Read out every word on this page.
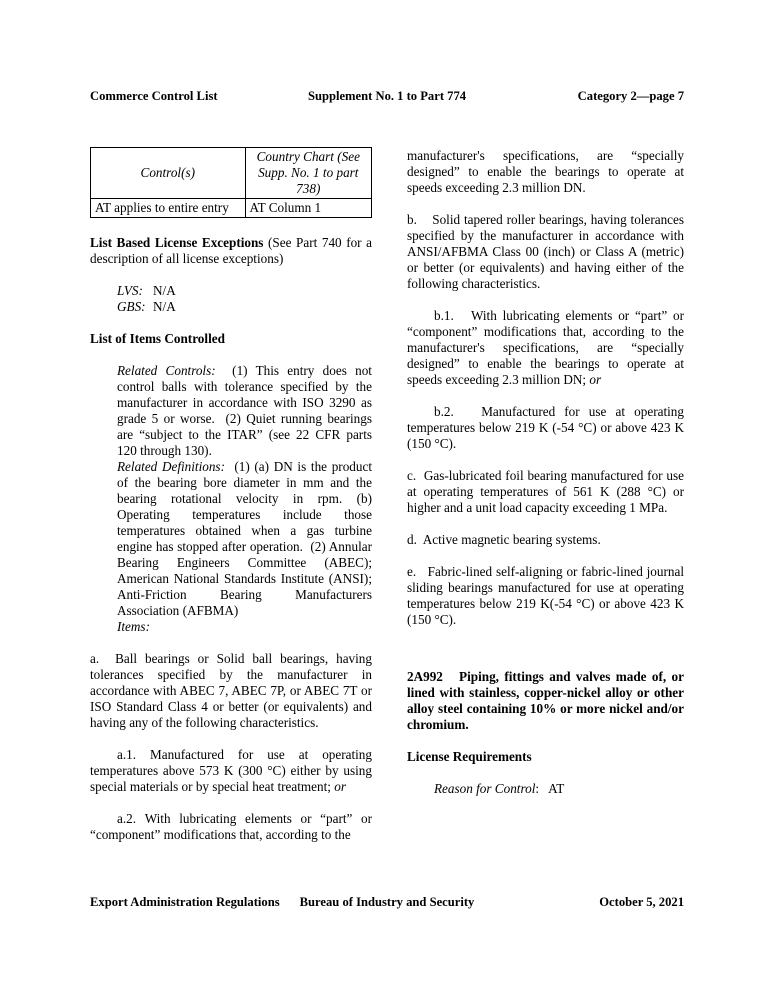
Commerce Control List	Supplement No. 1 to Part 774	Category 2—page 7
Control(s)	Country Chart (See Supp. No. 1 to part 738)
AT applies to entire entry	AT Column 1

List Based License Exceptions (See Part 740 for a description of all license exceptions)

LVS: N/A
GBS: N/A

List of Items Controlled

Related Controls:  (1) This entry does not control balls with tolerance specified by the manufacturer in accordance with ISO 3290 as grade 5 or worse.  (2) Quiet running bearings are “subject to the ITAR” (see 22 CFR parts 120 through 130).

Related Definitions:  (1) (a) DN is the product of the bearing bore diameter in mm and the bearing rotational velocity in rpm. (b) Operating temperatures include those temperatures obtained when a gas turbine engine has stopped after operation.  (2) Annular Bearing Engineers Committee (ABEC); American National Standards Institute (ANSI); Anti-Friction Bearing Manufacturers Association (AFBMA)

Items:

a.  Ball bearings or Solid ball bearings, having tolerances specified by the manufacturer in accordance with ABEC 7, ABEC 7P, or ABEC 7T or ISO Standard Class 4 or better (or equivalents) and having any of the following characteristics.

a.1. Manufactured for use at operating temperatures above 573 K (300 °C) either by using special materials or by special heat treatment; or

a.2. With lubricating elements or “part” or “component” modifications that, according to the

manufacturer's specifications, are “specially designed” to enable the bearings to operate at speeds exceeding 2.3 million DN.

b.    Solid tapered roller bearings, having tolerances specified by the manufacturer in accordance with ANSI/AFBMA Class 00 (inch) or Class A (metric) or better (or equivalents) and having either of the following characteristics.

b.1.   With lubricating elements or “part” or “component” modifications that, according to the manufacturer's specifications, are “specially designed” to enable the bearings to operate at speeds exceeding 2.3 million DN; or

b.2.   Manufactured for use at operating temperatures below 219 K (-54 °C) or above 423 K (150 °C).

c.  Gas-lubricated foil bearing manufactured for use at operating temperatures of 561 K (288 °C) or higher and a unit load capacity exceeding 1 MPa.

d.  Active magnetic bearing systems.

e.   Fabric-lined self-aligning or fabric-lined journal sliding bearings manufactured for use at operating temperatures below 219 K(-54 °C) or above 423 K (150 °C).

2A992   Piping, fittings and valves made of, or lined with stainless, copper-nickel alloy or other alloy steel containing 10% or more nickel and/or chromium.

License Requirements

Reason for Control:   AT

Export Administration Regulations	Bureau of Industry and Security	October 5, 2021
